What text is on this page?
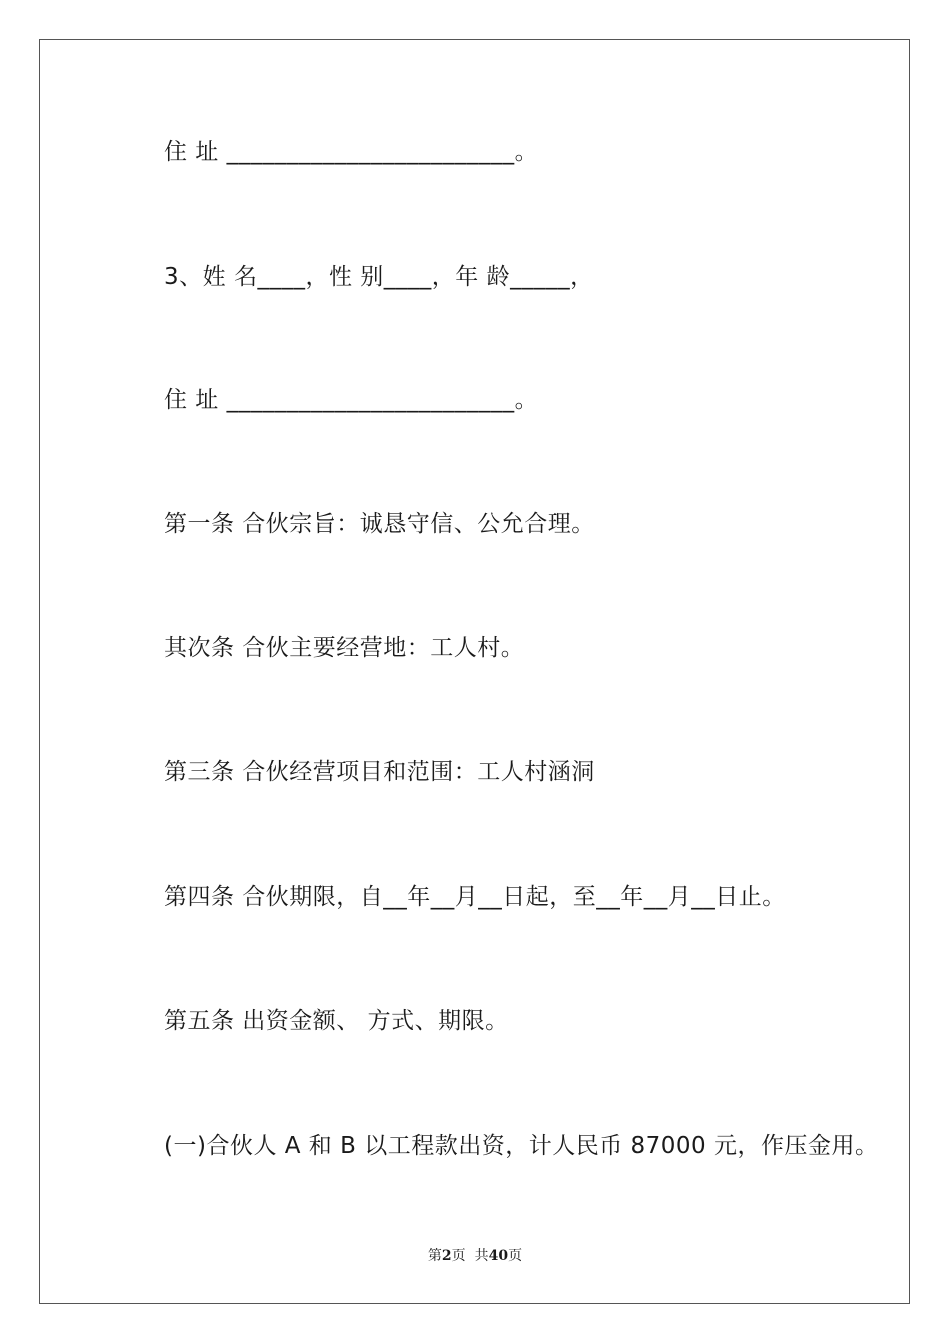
住 址 ________________________。
3、姓 名____，性 别____，年 龄_____，
住 址 ________________________。
第一条 合伙宗旨：诚恳守信、公允合理。
其次条 合伙主要经营地：工人村。
第三条 合伙经营项目和范围：工人村涵洞
第四条 合伙期限，自__年__月__日起，至__年__月__日止。
第五条 出资金额、 方式、期限。
(一)合伙人 A 和 B 以工程款出资，计人民币 87000 元，作压金用。
第2页  共40页
